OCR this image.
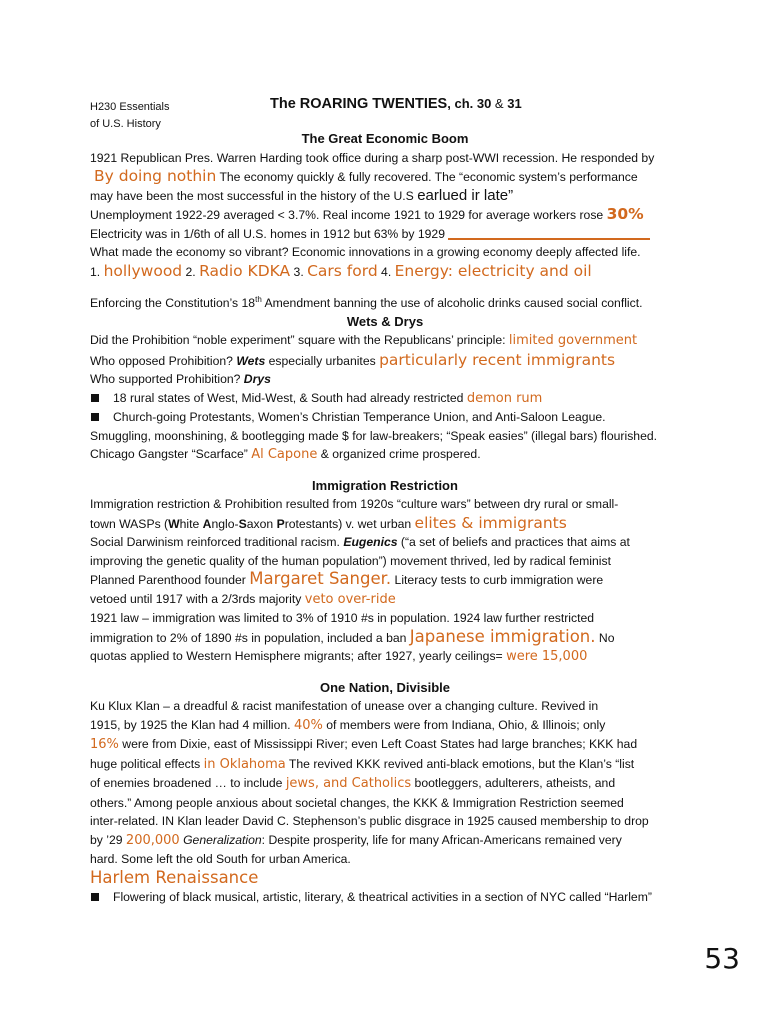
H230 Essentials
of U.S. History
The ROARING TWENTIES, ch. 30 & 31

The Great Economic Boom

1921 Republican Pres. Warren Harding took office during a sharp post-WWI recession. He responded by

By doing nothin The economy quickly & fully recovered. The “economic system’s performance

may have been the most successful in the history of the U.S earlued ir late”

Unemployment 1922-29 averaged < 3.7%. Real income 1921 to 1929 for average workers rose 30%

Electricity was in 1/6th of all U.S. homes in 1912 but 63% by 1929

What made the economy so vibrant? Economic innovations in a growing economy deeply affected life.

1. hollywood 2. Radio KDKA 3. Cars ford 4. Energy: electricity and oil

Enforcing the Constitution’s 18th Amendment banning the use of alcoholic drinks caused social conflict.

Wets & Drys

Did the Prohibition “noble experiment” square with the Republicans’ principle: limited government

Who opposed Prohibition? Wets especially urbanites particularly recent immigrants

Who supported Prohibition? Drys

18 rural states of West, Mid-West, & South had already restricted demon rum
Church-going Protestants, Women’s Christian Temperance Union, and Anti-Saloon League.

Smuggling, moonshining, & bootlegging made $ for law-breakers; “Speak easies” (illegal bars) flourished.

Chicago Gangster “Scarface” Al Capone & organized crime prospered.

Immigration Restriction

Immigration restriction & Prohibition resulted from 1920s “culture wars” between dry rural or small-

town WASPs (White Anglo-Saxon Protestants) v. wet urban elites & immigrants

Social Darwinism reinforced traditional racism. Eugenics (“a set of beliefs and practices that aims at

improving the genetic quality of the human population”) movement thrived, led by radical feminist

Planned Parenthood founder Margaret Sanger. Literacy tests to curb immigration were

vetoed until 1917 with a 2/3rds majority veto over-ride

1921 law – immigration was limited to 3% of 1910 #s in population. 1924 law further restricted

immigration to 2% of 1890 #s in population, included a ban Japanese immigration. No

quotas applied to Western Hemisphere migrants; after 1927, yearly ceilings= were 15,000

One Nation, Divisible

Ku Klux Klan – a dreadful & racist manifestation of unease over a changing culture. Revived in

1915, by 1925 the Klan had 4 million. 40% of members were from Indiana, Ohio, & Illinois; only

16% were from Dixie, east of Mississippi River; even Left Coast States had large branches; KKK had

huge political effects in Oklahoma The revived KKK revived anti-black emotions, but the Klan’s “list

of enemies broadened … to include jews, and Catholics bootleggers, adulterers, atheists, and

others.” Among people anxious about societal changes, the KKK & Immigration Restriction seemed

inter-related. IN Klan leader David C. Stephenson’s public disgrace in 1925 caused membership to drop

by ’29 200,000 Generalization: Despite prosperity, life for many African-Americans remained very

hard. Some left the old South for urban America.

Harlem Renaissance

Flowering of black musical, artistic, literary, & theatrical activities in a section of NYC called “Harlem”
53
